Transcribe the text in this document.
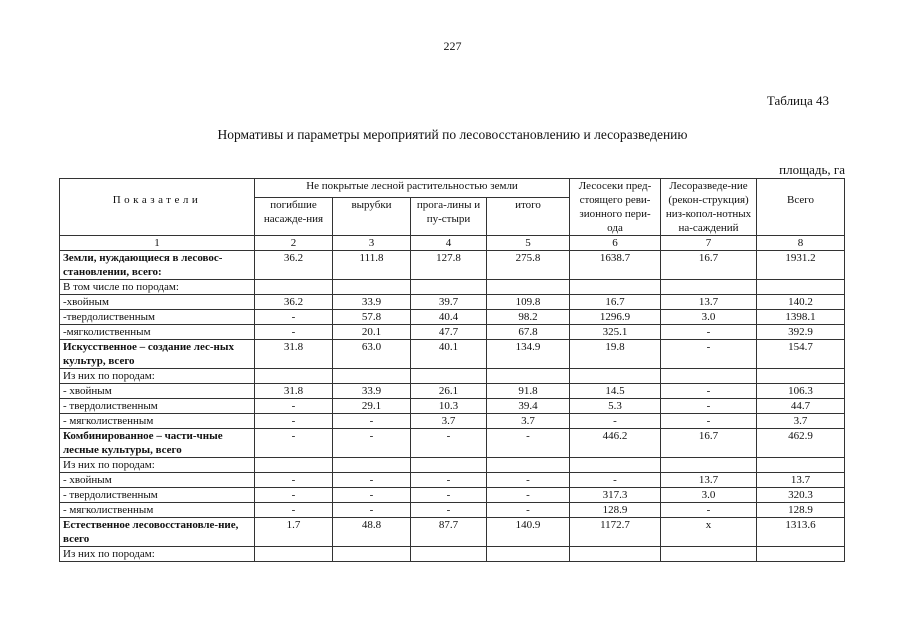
227
Таблица 43
Нормативы и параметры мероприятий по лесовосстановлению и лесоразведению
площадь, га
Показатели	Не покрытые лесной растительностью земли				Лесосеки пред-стоящего реви-зионного пери-ода	Лесоразведе-ние (рекон-струкция) низ-копол-нотных на-саждений	Всего
	погибшие насажде-ния	вырубки	прога-лины и пу-стыри	итого			
1	2	3	4	5	6	7	8
Земли, нуждающиеся в лесовос-становлении, всего:	36.2	111.8	127.8	275.8	1638.7	16.7	1931.2
В том числе по породам:							
-хвойным	36.2	33.9	39.7	109.8	16.7	13.7	140.2
-твердолиственным	-	57.8	40.4	98.2	1296.9	3.0	1398.1
-мягколиственным	-	20.1	47.7	67.8	325.1	-	392.9
Искусственное – создание лес-ных культур, всего	31.8	63.0	40.1	134.9	19.8	-	154.7
Из них по породам:							
- хвойным	31.8	33.9	26.1	91.8	14.5	-	106.3
- твердолиственным	-	29.1	10.3	39.4	5.3	-	44.7
- мягколиственным	-	-	3.7	3.7	-	-	3.7
Комбинированное – части-чные лесные культуры, всего	-	-	-	-	446.2	16.7	462.9
Из них по породам:							
- хвойным	-	-	-	-	-	13.7	13.7
- твердолиственным	-	-	-	-	317.3	3.0	320.3
- мягколиственным	-	-	-	-	128.9	-	128.9
Естественное лесовосстановле-ние, всего	1.7	48.8	87.7	140.9	1172.7	х	1313.6
Из них по породам:							
